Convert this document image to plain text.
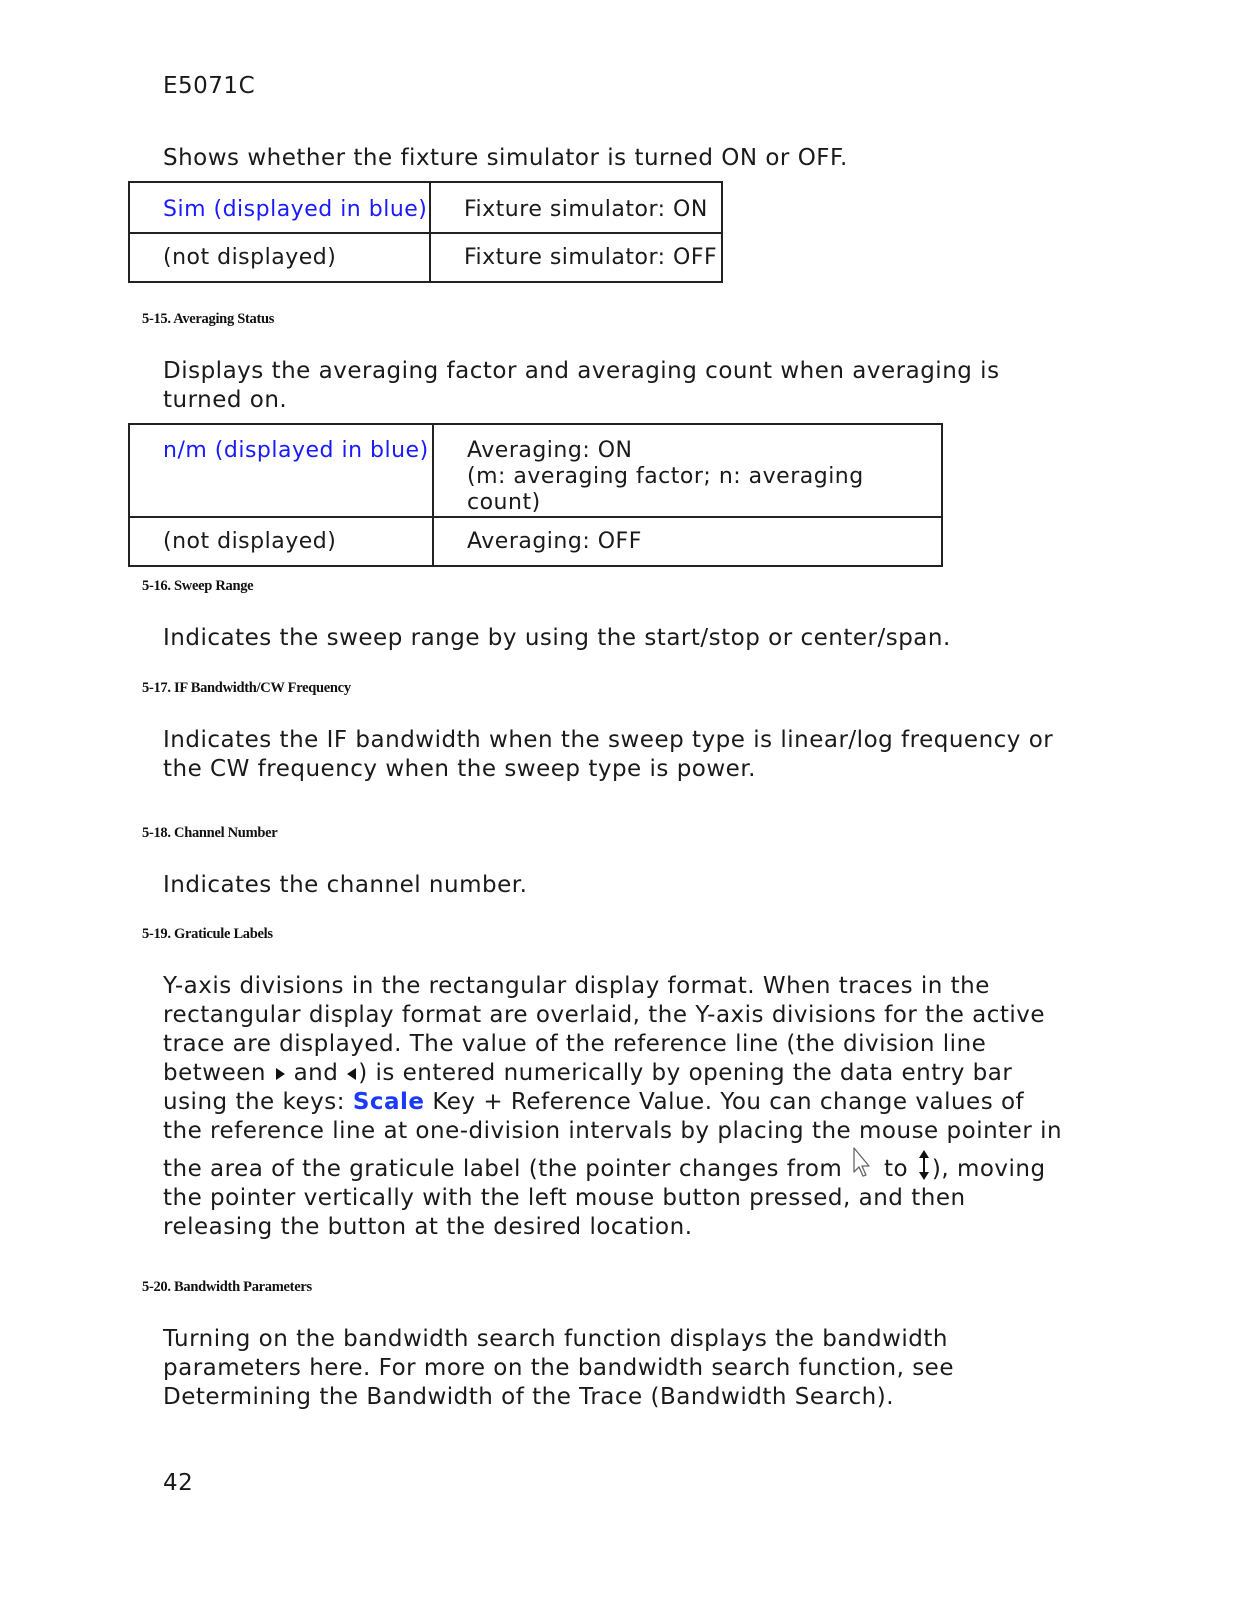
E5071C

Shows whether the fixture simulator is turned ON or OFF.

Sim (displayed in blue)	Fixture simulator: ON

(not displayed)	Fixture simulator: OFF

5-15. Averaging Status

Displays the averaging factor and averaging count when averaging is

turned on.

n/m (displayed in blue)	Averaging: ON
(m: averaging factor; n: averaging count)

(not displayed)	Averaging: OFF

5-16. Sweep Range

Indicates the sweep range by using the start/stop or center/span.

5-17. IF Bandwidth/CW Frequency

Indicates the IF bandwidth when the sweep type is linear/log frequency or

the CW frequency when the sweep type is power.

5-18. Channel Number

Indicates the channel number.

5-19. Graticule Labels

Y-axis divisions in the rectangular display format. When traces in the

rectangular display format are overlaid, the Y-axis divisions for the active

trace are displayed. The value of the reference line (the division line

between  and ) is entered numerically by opening the data entry bar

using the keys: Scale Key + Reference Value. You can change values of

the reference line at one-division intervals by placing the mouse pointer in

the area of the graticule label (the pointer changes from  to ), moving

the pointer vertically with the left mouse button pressed, and then

releasing the button at the desired location.

5-20. Bandwidth Parameters

Turning on the bandwidth search function displays the bandwidth

parameters here. For more on the bandwidth search function, see

Determining the Bandwidth of the Trace (Bandwidth Search).

42
